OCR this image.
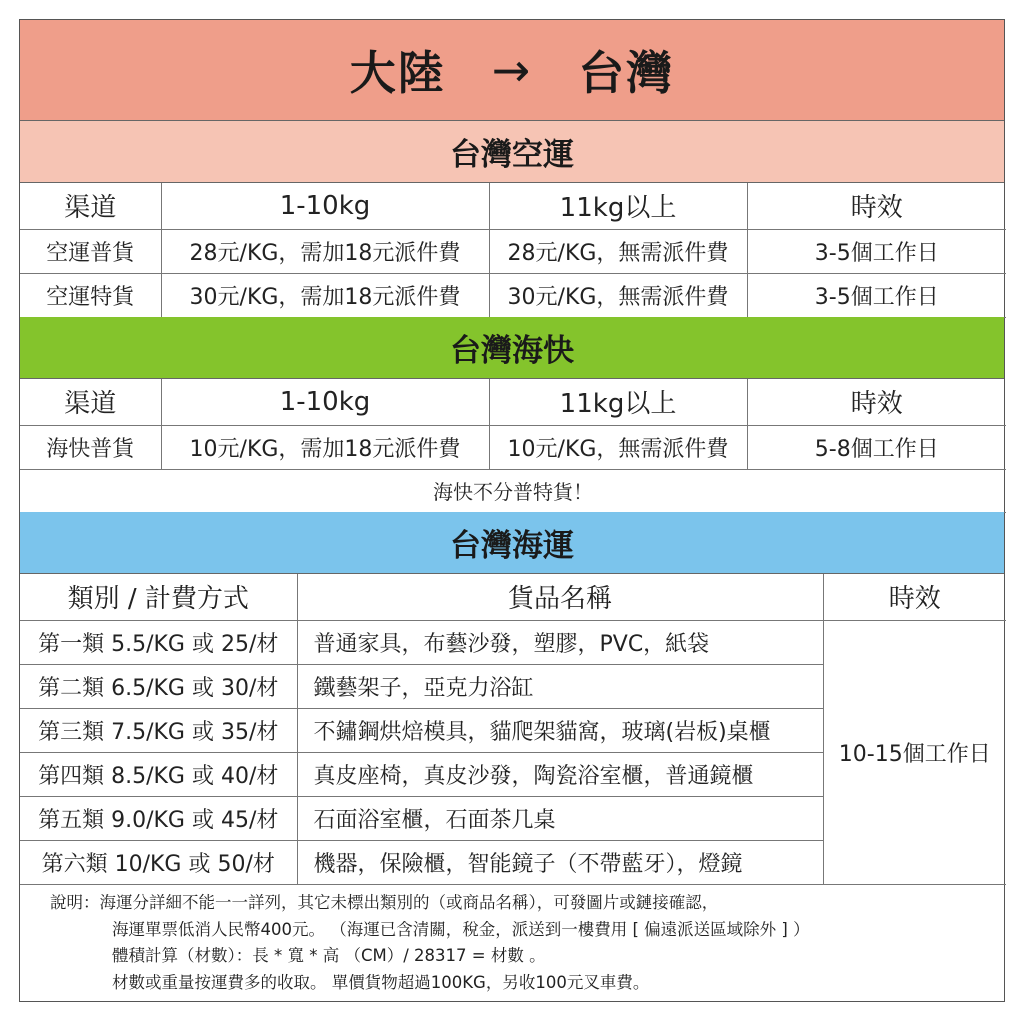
大陸 → 台灣
台灣空運
渠道	1-10kg	11kg以上	時效
空運普貨	28元/KG，需加18元派件費	28元/KG，無需派件費	3-5個工作日
空運特貨	30元/KG，需加18元派件費	30元/KG，無需派件費	3-5個工作日
台灣海快
渠道	1-10kg	11kg以上	時效
海快普貨	10元/KG，需加18元派件費	10元/KG，無需派件費	5-8個工作日
海快不分普特貨！			
台灣海運
類別 / 計費方式	貨品名稱	時效
第一類 5.5/KG 或 25/材	普通家具，布藝沙發，塑膠，PVC，紙袋	10-15個工作日
第二類 6.5/KG 或 30/材	鐵藝架子，亞克力浴缸	
第三類 7.5/KG 或 35/材	不鏽鋼烘焙模具，貓爬架貓窩，玻璃(岩板)桌櫃	
第四類 8.5/KG 或 40/材	真皮座椅，真皮沙發，陶瓷浴室櫃，普通鏡櫃	
第五類 9.0/KG 或 45/材	石面浴室櫃，石面茶几桌	
第六類 10/KG 或 50/材	機器，保險櫃，智能鏡子（不帶藍牙），燈鏡	
說明：海運分詳細不能一一詳列，其它未標出類別的（或商品名稱），可發圖片或鏈接確認，
海運單票低消人民幣400元。 （海運已含清關，稅金，派送到一樓費用 [ 偏遠派送區域除外 ] ）
體積計算（材數）：長 * 寬 * 高 （CM）/ 28317 = 材數 。
材數或重量按運費多的收取。 單價貨物超過100KG，另收100元叉車費。
